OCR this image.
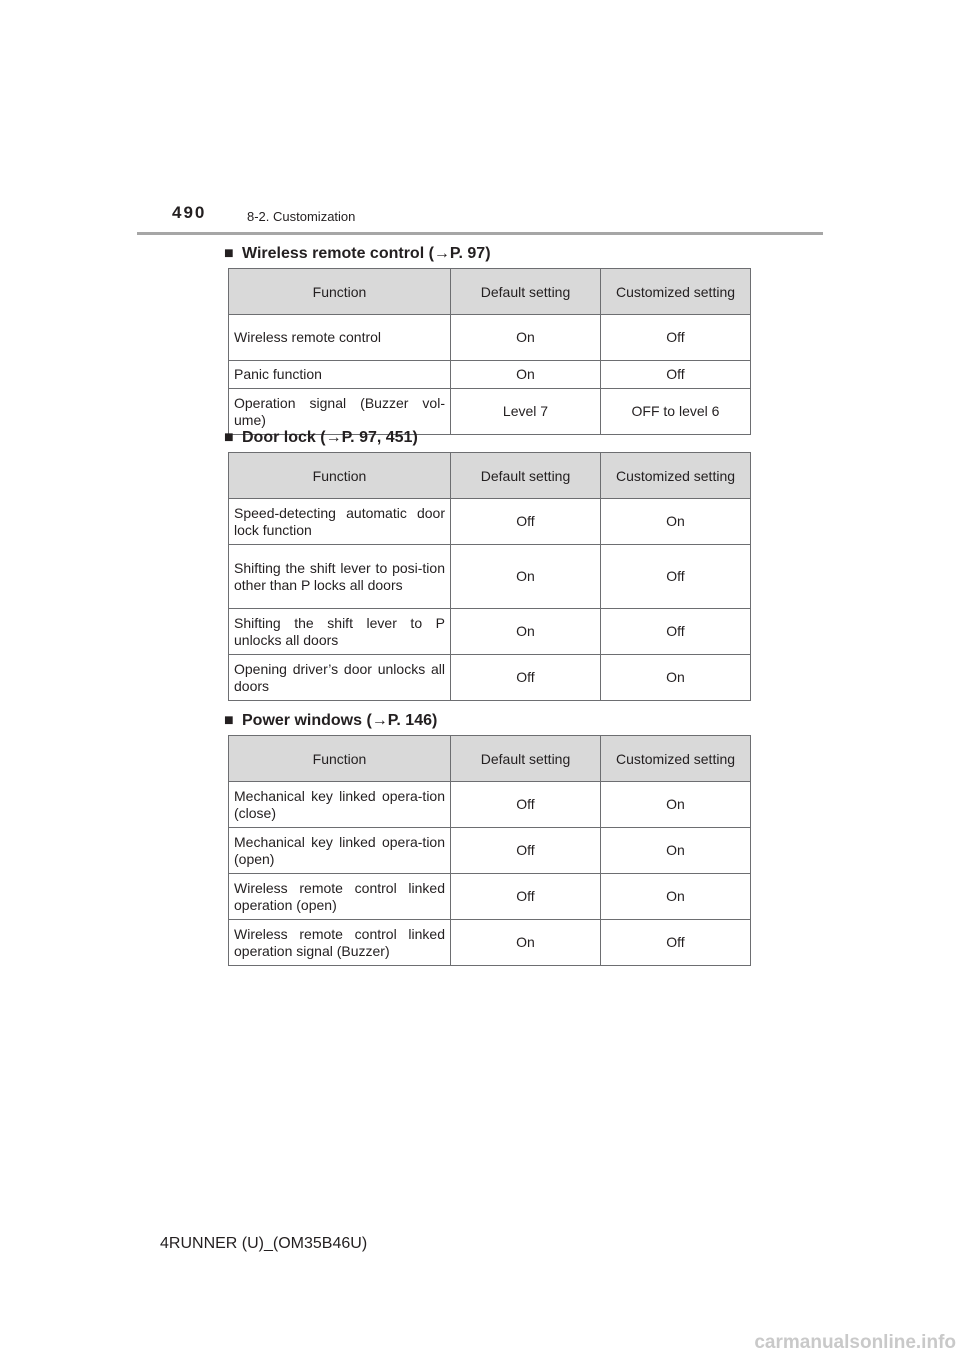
490	8-2. Customization
■ Wireless remote control (→P. 97)
Function	Default setting	Customized setting
Wireless remote control	On	Off
Panic function	On	Off
Operation signal (Buzzer vol-ume)	Level 7	OFF to level 6
■ Door lock (→P. 97, 451)
Function	Default setting	Customized setting
Speed-detecting automatic door lock function	Off	On
Shifting the shift lever to posi-tion other than P locks all doors	On	Off
Shifting the shift lever to P unlocks all doors	On	Off
Opening driver’s door unlocks all doors	Off	On
■ Power windows (→P. 146)
Function	Default setting	Customized setting
Mechanical key linked opera-tion (close)	Off	On
Mechanical key linked opera-tion (open)	Off	On
Wireless remote control linked operation (open)	Off	On
Wireless remote control linked operation signal (Buzzer)	On	Off
4RUNNER (U)_(OM35B46U)
carmanualsonline.info
